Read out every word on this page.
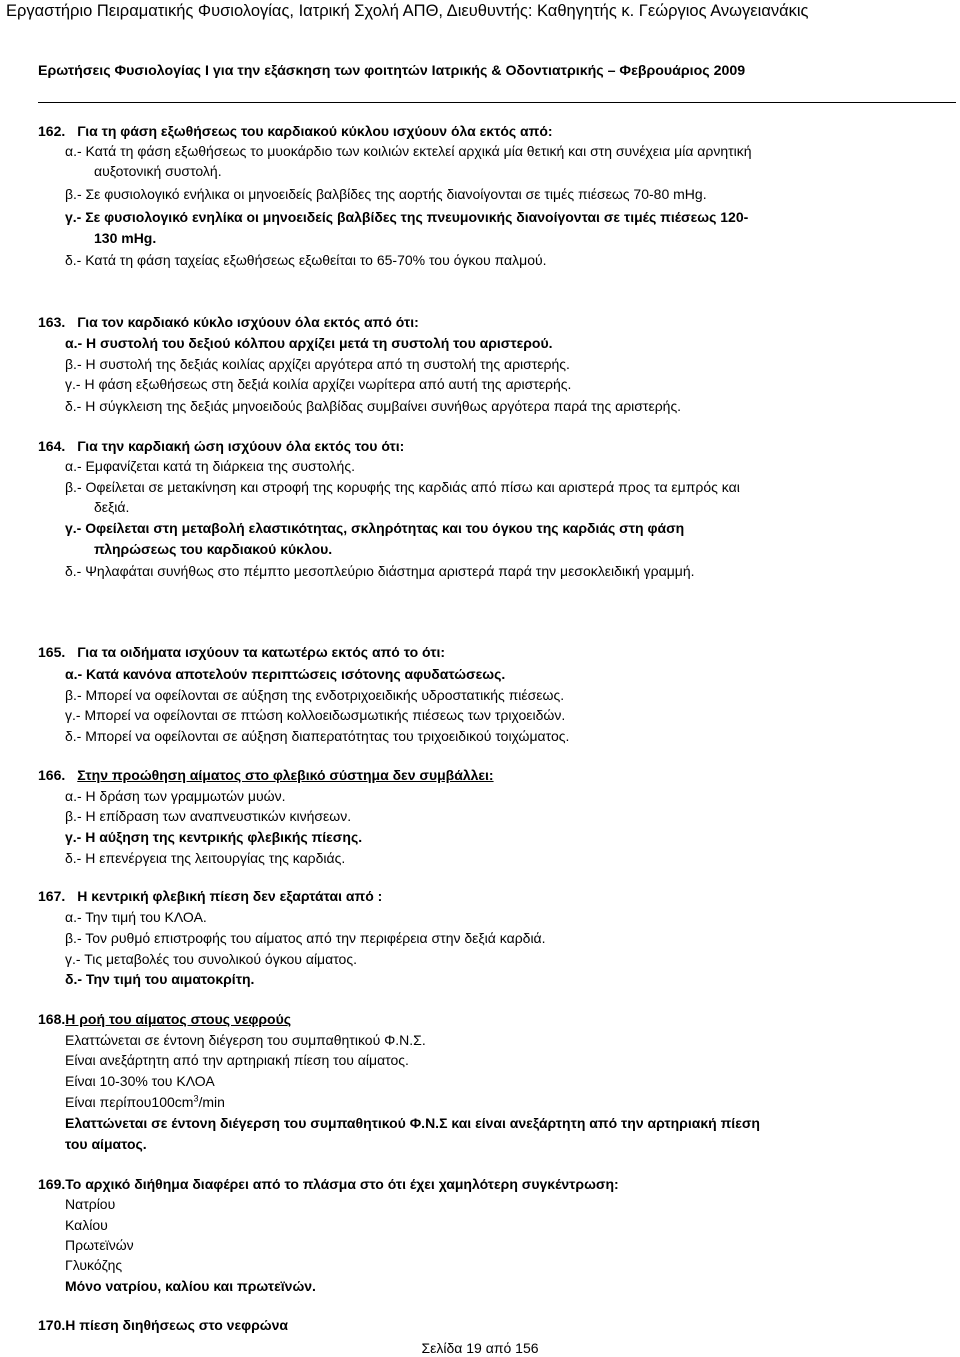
Εργαστήριο Πειραματικής Φυσιολογίας, Ιατρική Σχολή ΑΠΘ, Διευθυντής: Καθηγητής κ. Γεώργιος Ανωγειανάκις
Ερωτήσεις Φυσιολογίας Ι για την εξάσκηση των φοιτητών Ιατρικής & Οδοντιατρικής – Φεβρουάριος 2009
162. Για τη φάση εξωθήσεως του καρδιακού κύκλου ισχύουν όλα εκτός από:
α.- Κατά τη φάση εξωθήσεως το μυοκάρδιο των κοιλιών εκτελεί αρχικά μία θετική και στη συνέχεια μία αρνητική
αυξοτονική συστολή.
β.- Σε φυσιολογικό ενήλικα οι μηνοειδείς βαλβίδες της αορτής διανοίγονται σε τιμές πιέσεως 70-80 mHg.
γ.- Σε φυσιολογικό ενηλίκα οι μηνοειδείς βαλβίδες της πνευμονικής διανοίγονται σε τιμές πιέσεως 120-
130 mHg.
δ.- Κατά τη φάση ταχείας εξωθήσεως εξωθείται το 65-70% του όγκου παλμού.
163. Για τον καρδιακό κύκλο ισχύουν όλα εκτός από ότι:
α.- Η συστολή του δεξιού κόλπου αρχίζει μετά τη συστολή του αριστερού.
β.- Η συστολή της δεξιάς κοιλίας αρχίζει αργότερα από τη συστολή της αριστερής.
γ.- Η φάση εξωθήσεως στη δεξιά κοιλία αρχίζει νωρίτερα από αυτή της αριστερής.
δ.- Η σύγκλειση της δεξιάς μηνοειδούς βαλβίδας συμβαίνει συνήθως αργότερα παρά της αριστερής.
164. Για την καρδιακή ώση ισχύουν όλα εκτός του ότι:
α.- Εμφανίζεται κατά τη διάρκεια της συστολής.
β.- Οφείλεται σε μετακίνηση και στροφή της κορυφής της καρδιάς από πίσω και αριστερά προς τα εμπρός και
δεξιά.
γ.- Οφείλεται στη μεταβολή ελαστικότητας, σκληρότητας και του όγκου της καρδιάς στη φάση
πληρώσεως του καρδιακού κύκλου.
δ.- Ψηλαφάται συνήθως στο πέμπτο μεσοπλεύριο διάστημα αριστερά παρά την μεσοκλειδική γραμμή.
165. Για τα οιδήματα ισχύουν τα κατωτέρω εκτός από το ότι:
α.- Κατά κανόνα αποτελούν περιπτώσεις ισότονης αφυδατώσεως.
β.- Μπορεί να οφείλονται σε αύξηση της ενδοτριχοειδικής υδροστατικής πιέσεως.
γ.- Μπορεί να οφείλονται σε πτώση κολλοειδωσμωτικής πιέσεως των τριχοειδών.
δ.- Μπορεί να οφείλονται σε αύξηση διαπερατότητας του τριχοειδικού τοιχώματος.
166. Στην προώθηση αίματος στο φλεβικό σύστημα δεν συμβάλλει:
α.- Η δράση των γραμμωτών μυών.
β.- Η επίδραση των αναπνευστικών κινήσεων.
γ.- Η αύξηση της κεντρικής φλεβικής πίεσης.
δ.- Η επενέργεια της λειτουργίας της καρδιάς.
167. Η κεντρική φλεβική πίεση δεν εξαρτάται από :
α.- Την τιμή του ΚΛΟΑ.
β.- Τον ρυθμό επιστροφής του αίματος από την περιφέρεια στην δεξιά καρδιά.
γ.- Τις μεταβολές του συνολικού όγκου αίματος.
δ.- Την τιμή του αιματοκρίτη.
168.Η ροή του αίματος στους νεφρούς
Ελαττώνεται σε έντονη διέγερση του συμπαθητικού Φ.Ν.Σ.
Είναι ανεξάρτητη από την αρτηριακή πίεση του αίματος.
Είναι 10-30% του ΚΛΟΑ
Είναι $\pi\varepsilon\rho ί\pi o\upsilon 100cm^3/\min$
Ελαττώνεται σε έντονη διέγερση του συμπαθητικού Φ.Ν.Σ και είναι ανεξάρτητη από την αρτηριακή πίεση
του αίματος.
169.Το αρχικό διήθημα διαφέρει από το πλάσμα στο ότι έχει χαμηλότερη συγκέντρωση:
Νατρίου
Καλίου
Πρωτεϊνών
Γλυκόζης
Μόνο νατρίου, καλίου και πρωτεϊνών.
170.Η πίεση διηθήσεως στο νεφρώνα
Σελίδα 19 από 156
